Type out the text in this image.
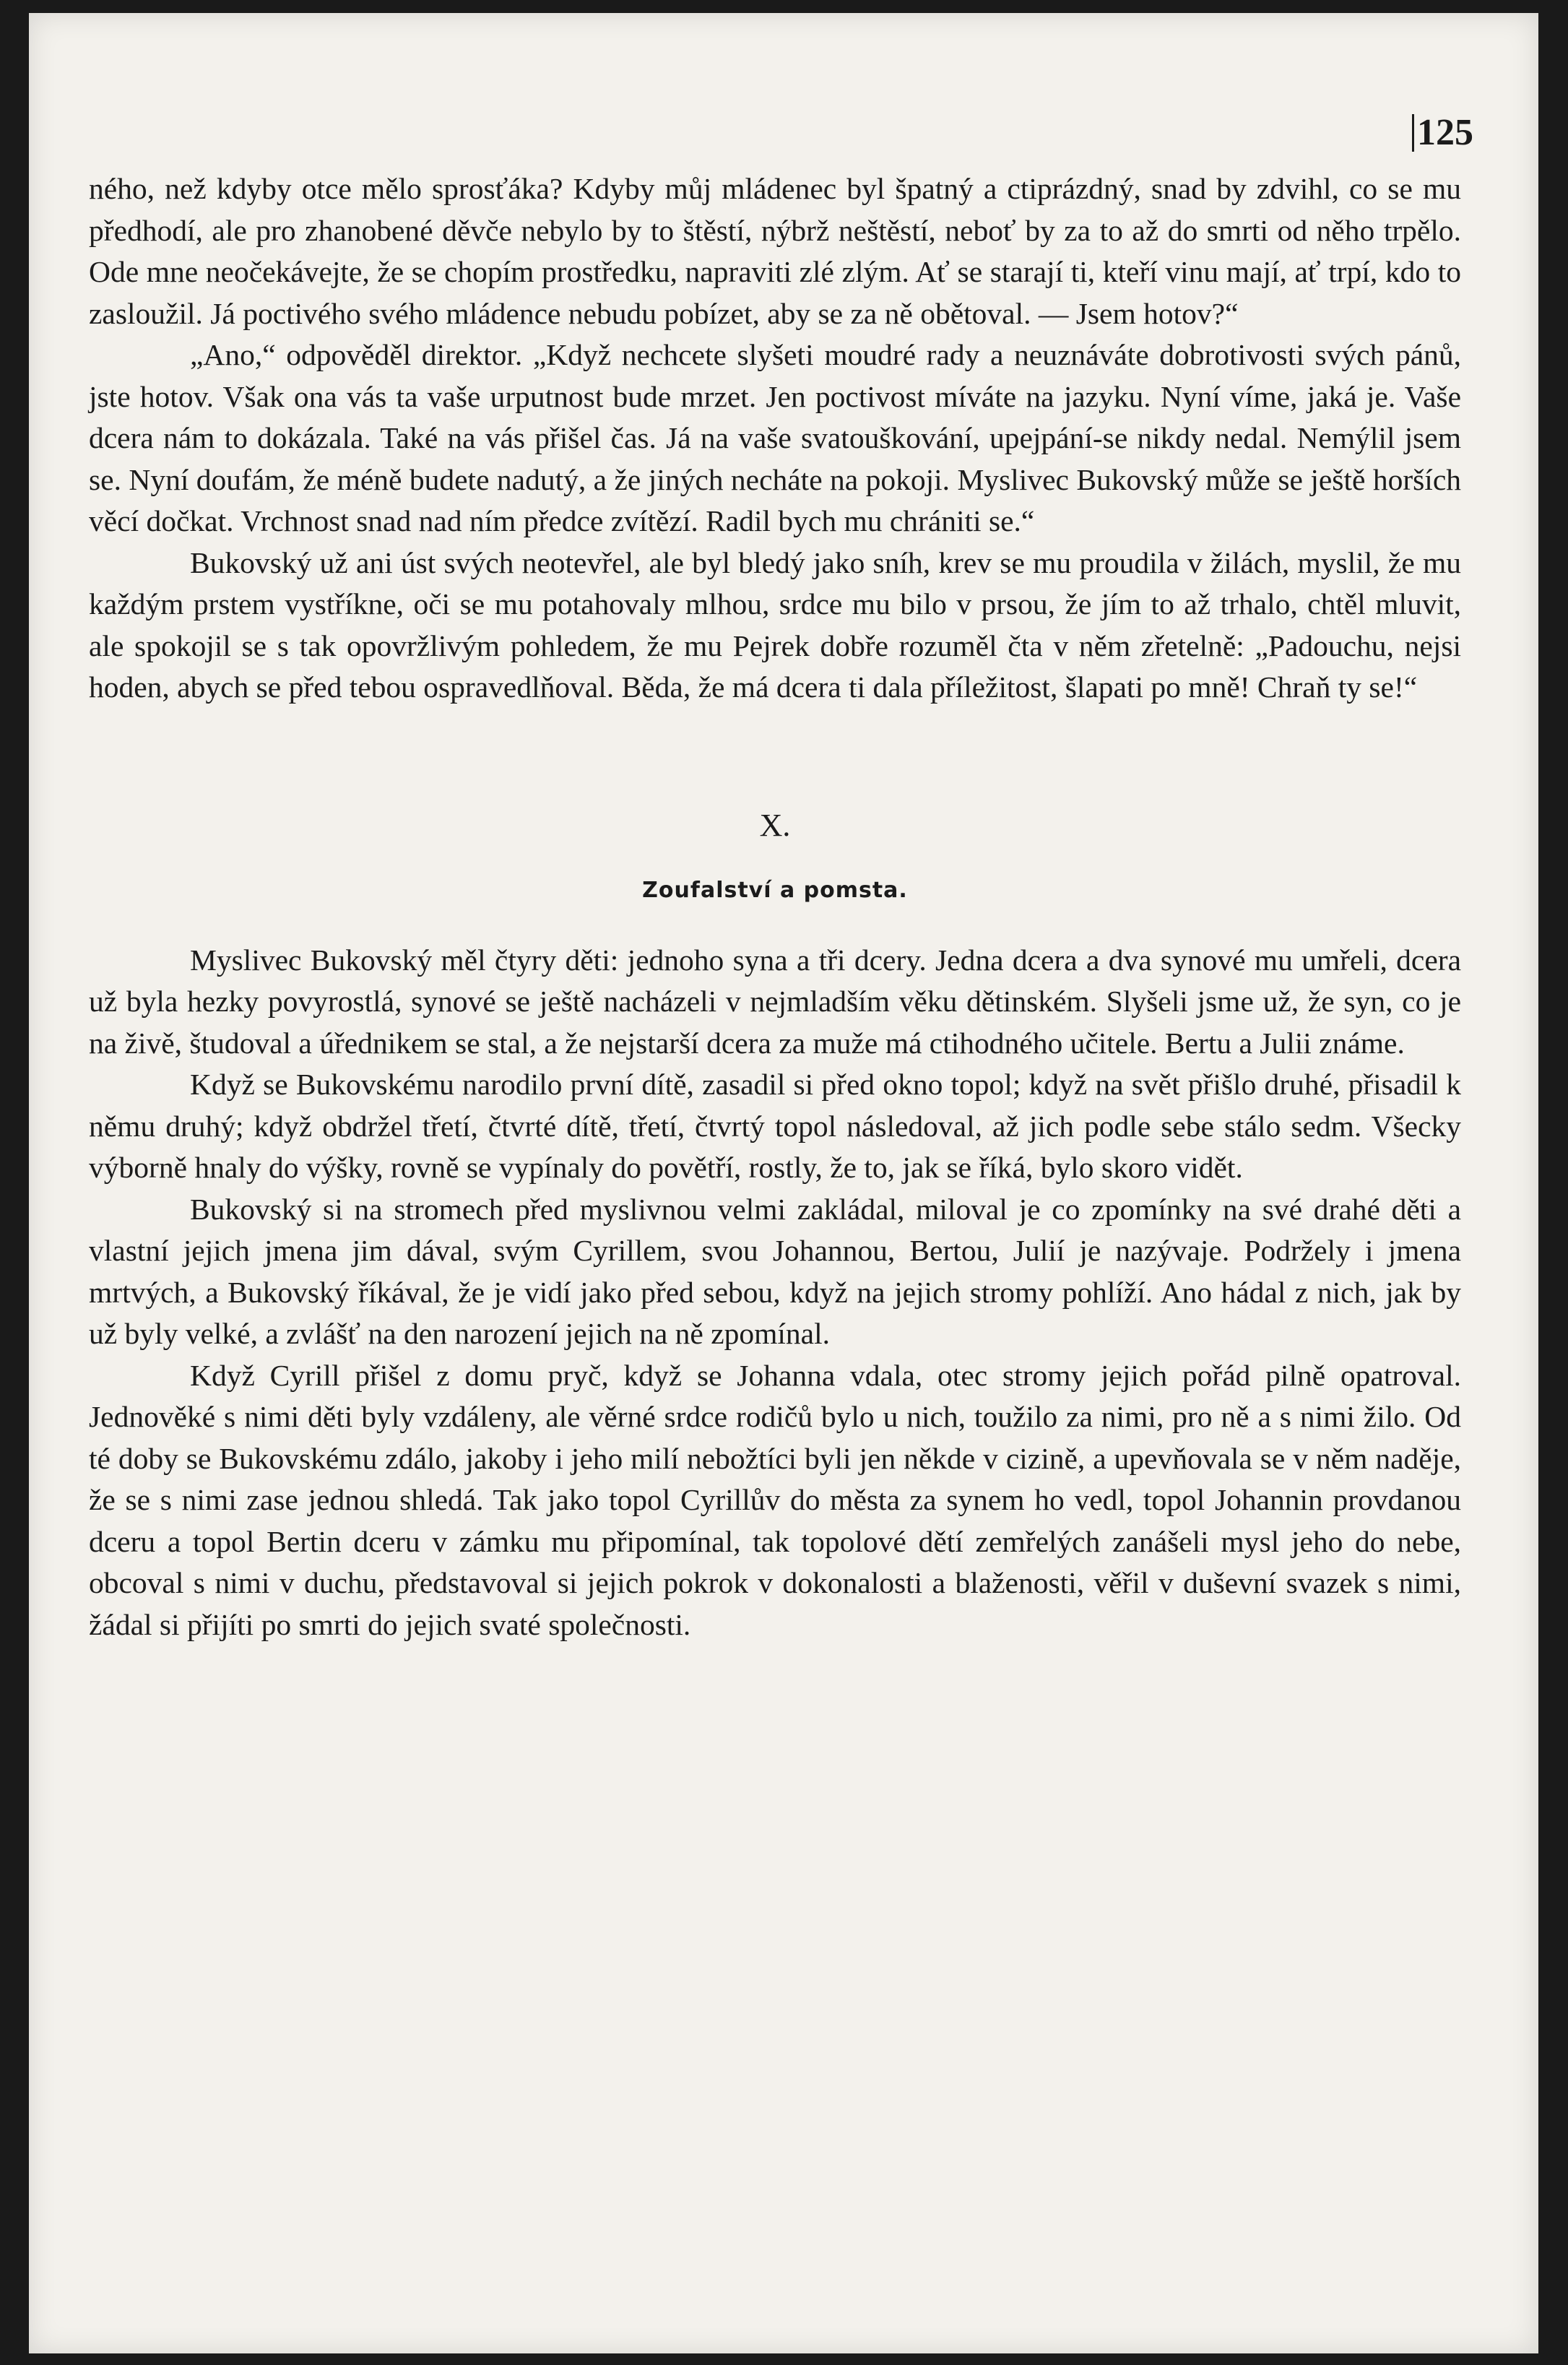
125

ného, než kdyby otce mělo sprosťáka? Kdyby můj mládenec byl špatný a ctiprázdný, snad by zdvihl, co se mu předhodí, ale pro zhanobené děvče nebylo by to štěstí, nýbrž neštěstí, neboť by za to až do smrti od něho trpělo. Ode mne neočekávejte, že se chopím prostředku, napraviti zlé zlým. Ať se starají ti, kteří vinu mají, ať trpí, kdo to zasloužil. Já poctivého svého mládence nebudu pobízet, aby se za ně obětoval. — Jsem hotov?“

„Ano,“ odpověděl direktor. „Když nechcete slyšeti moudré rady a neuznáváte dobrotivosti svých pánů, jste hotov. Však ona vás ta vaše urputnost bude mrzet. Jen poctivost míváte na jazyku. Nyní víme, jaká je. Vaše dcera nám to dokázala. Také na vás přišel čas. Já na vaše svatouškování, upejpání-se nikdy nedal. Nemýlil jsem se. Nyní doufám, že méně budete nadutý, a že jiných necháte na pokoji. Myslivec Bukovský může se ještě horších věcí dočkat. Vrchnost snad nad ním předce zvítězí. Radil bych mu chrániti se.“

Bukovský už ani úst svých neotevřel, ale byl bledý jako sníh, krev se mu proudila v žilách, myslil, že mu každým prstem vystříkne, oči se mu potahovaly mlhou, srdce mu bilo v prsou, že jím to až trhalo, chtěl mluvit, ale spokojil se s tak opovržlivým pohledem, že mu Pejrek dobře rozuměl čta v něm zřetelně: „Padouchu, nejsi hoden, abych se před tebou ospravedlňoval. Běda, že má dcera ti dala příležitost, šlapati po mně! Chraň ty se!“

X.
Zoufalství a pomsta.

Myslivec Bukovský měl čtyry děti: jednoho syna a tři dcery. Jedna dcera a dva synové mu umřeli, dcera už byla hezky povyrostlá, synové se ještě nacházeli v nejmladším věku dětinském. Slyšeli jsme už, že syn, co je na živě, študoval a úřednikem se stal, a že nejstarší dcera za muže má ctihodného učitele. Bertu a Julii známe.

Když se Bukovskému narodilo první dítě, zasadil si před okno topol; když na svět přišlo druhé, přisadil k němu druhý; když obdržel třetí, čtvrté dítě, třetí, čtvrtý topol následoval, až jich podle sebe stálo sedm. Všecky výborně hnaly do výšky, rovně se vypínaly do povětří, rostly, že to, jak se říká, bylo skoro vidět.

Bukovský si na stromech před myslivnou velmi zakládal, miloval je co zpomínky na své drahé děti a vlastní jejich jmena jim dával, svým Cyrillem, svou Johannou, Bertou, Julií je nazývaje. Podržely i jmena mrtvých, a Bukovský říkával, že je vidí jako před sebou, když na jejich stromy pohlíží. Ano hádal z nich, jak by už byly velké, a zvlášť na den narození jejich na ně zpomínal.

Když Cyrill přišel z domu pryč, když se Johanna vdala, otec stromy jejich pořád pilně opatroval. Jednověké s nimi děti byly vzdáleny, ale věrné srdce rodičů bylo u nich, toužilo za nimi, pro ně a s nimi žilo. Od té doby se Bukovskému zdálo, jakoby i jeho milí nebožtíci byli jen někde v cizině, a upevňovala se v něm naděje, že se s nimi zase jednou shledá. Tak jako topol Cyrillův do města za synem ho vedl, topol Johannin provdanou dceru a topol Bertin dceru v zámku mu připomínal, tak topolové dětí zemřelých zanášeli mysl jeho do nebe, obcoval s nimi v duchu, představoval si jejich pokrok v dokonalosti a blaženosti, věřil v duševní svazek s nimi, žádal si přijíti po smrti do jejich svaté společnosti.
